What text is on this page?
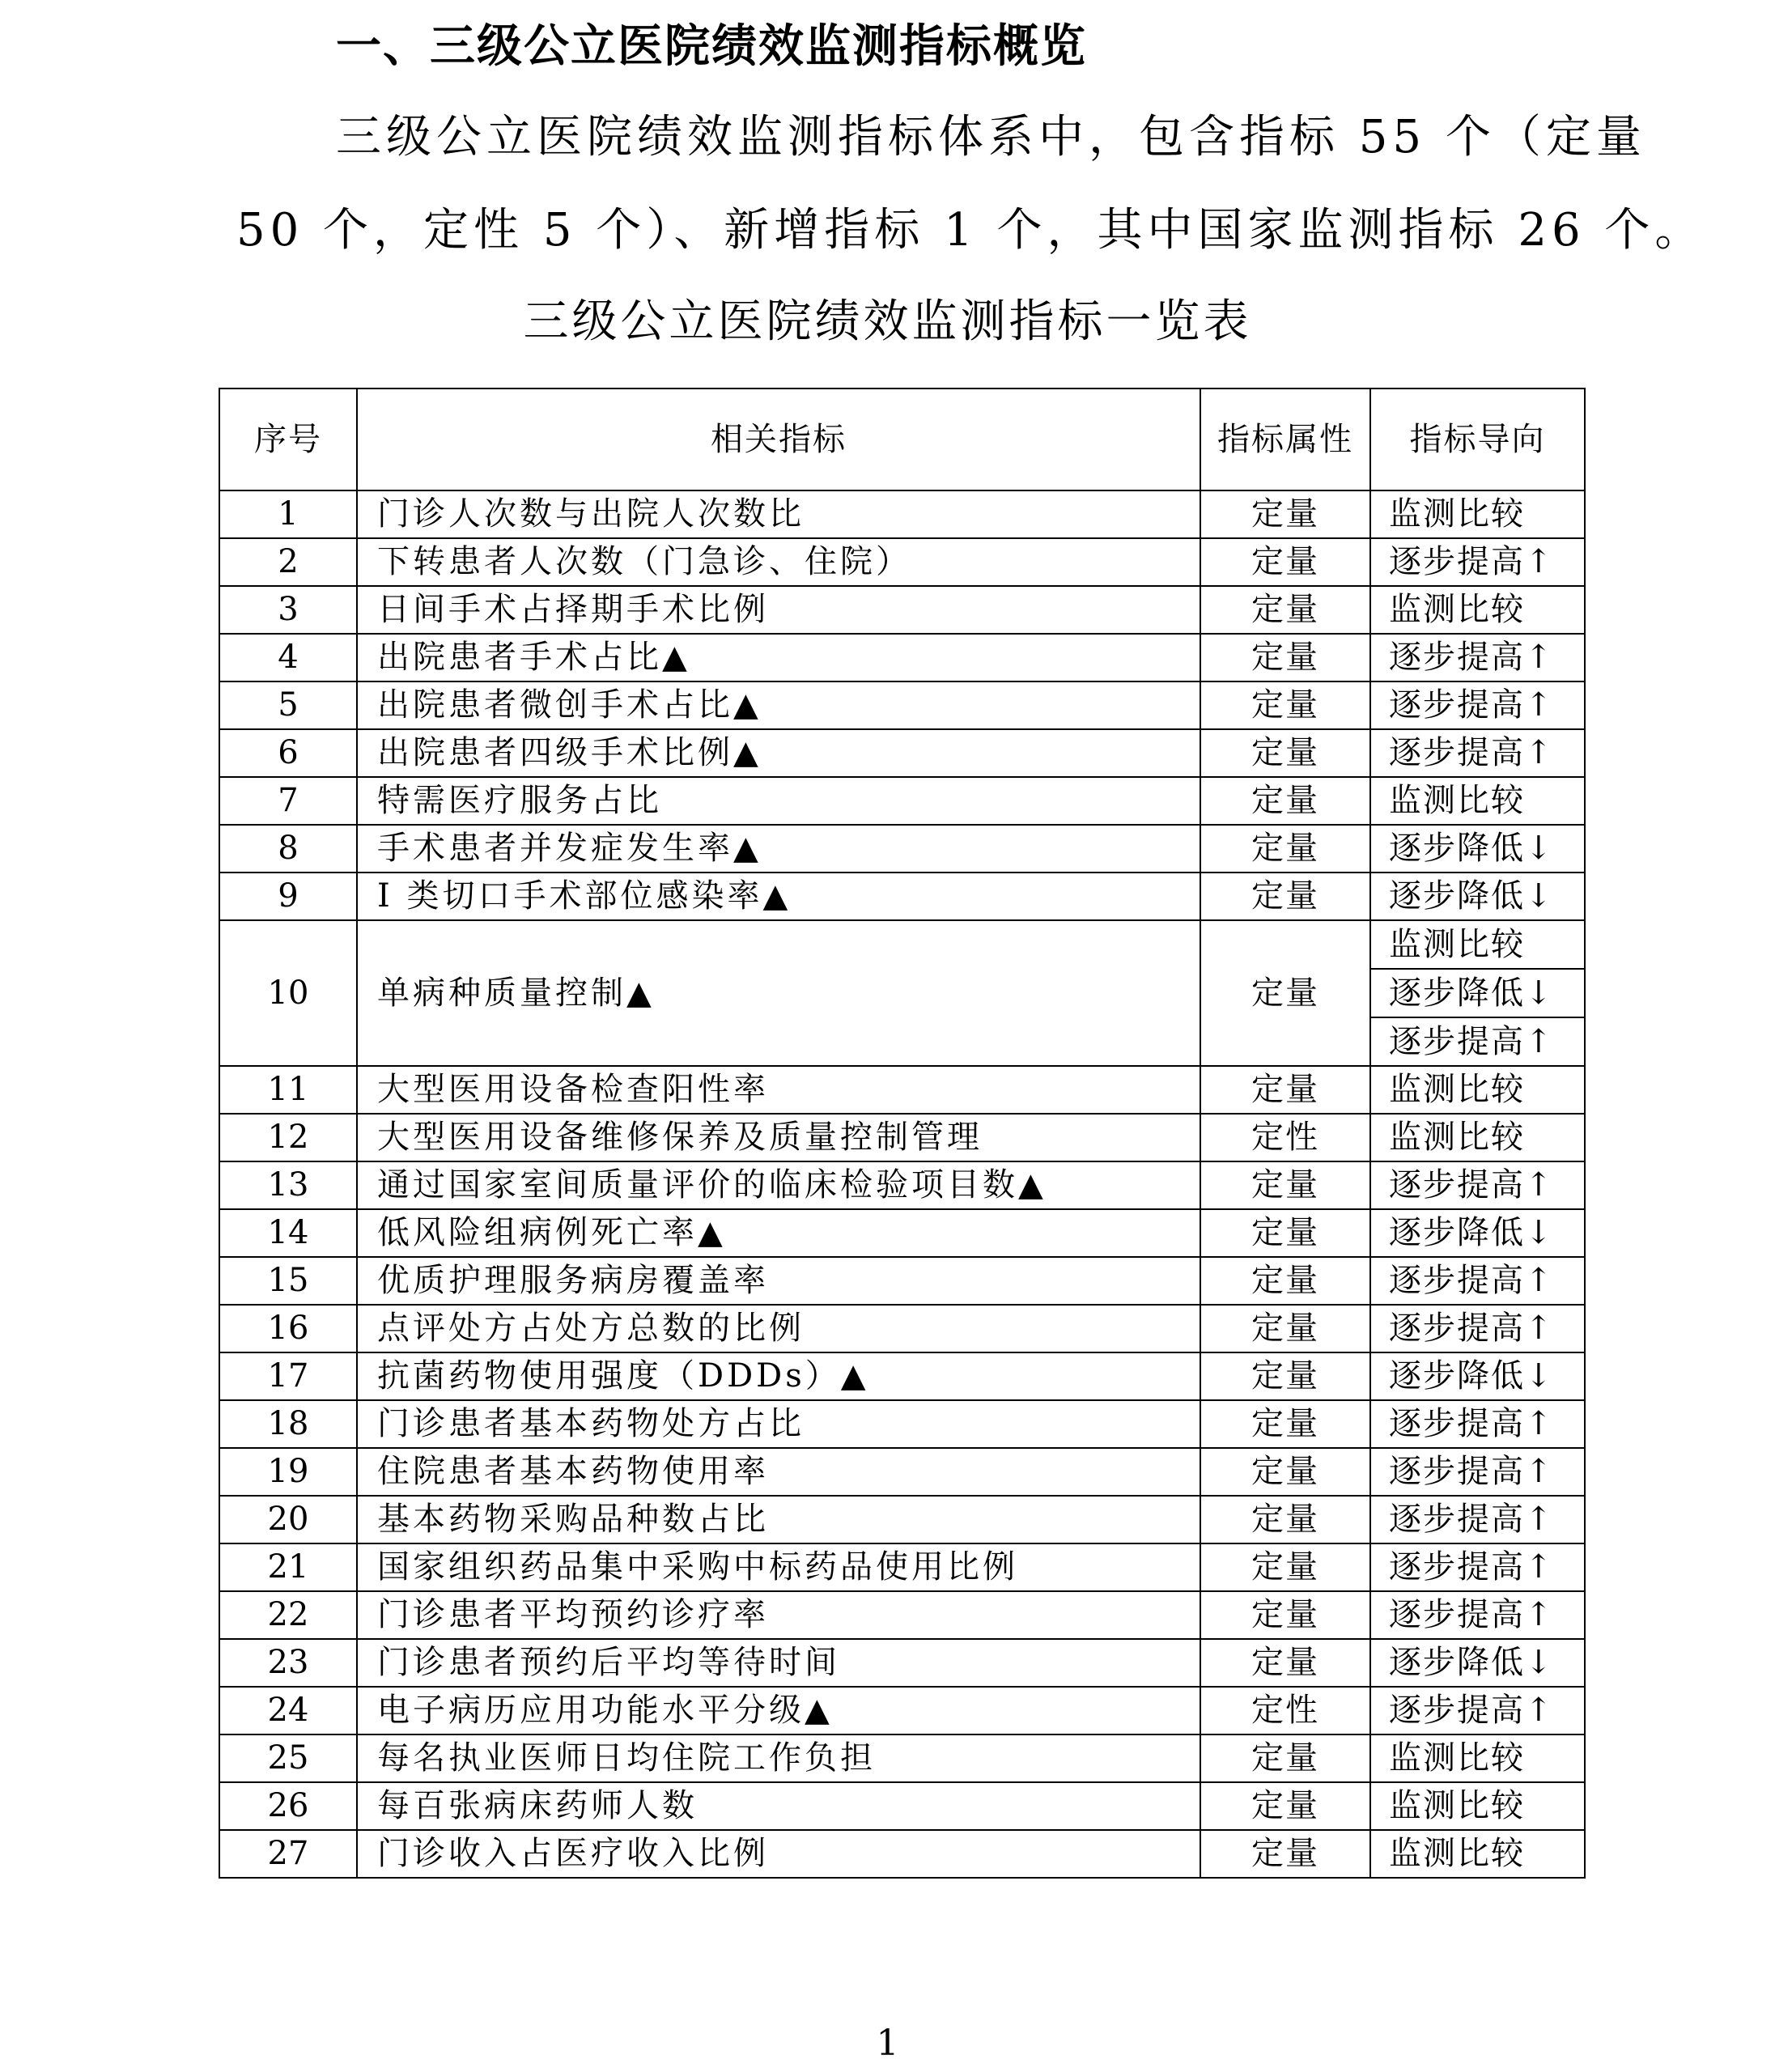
一、三级公立医院绩效监测指标概览
三级公立医院绩效监测指标体系中，包含指标 55 个（定量
50 个，定性 5 个）、新增指标 1 个，其中国家监测指标 26 个。
三级公立医院绩效监测指标一览表
序号	相关指标	指标属性	指标导向
1	门诊人次数与出院人次数比	定量	监测比较
2	下转患者人次数（门急诊、住院）	定量	逐步提高↑
3	日间手术占择期手术比例	定量	监测比较
4	出院患者手术占比▲	定量	逐步提高↑
5	出院患者微创手术占比▲	定量	逐步提高↑
6	出院患者四级手术比例▲	定量	逐步提高↑
7	特需医疗服务占比	定量	监测比较
8	手术患者并发症发生率▲	定量	逐步降低↓
9	I 类切口手术部位感染率▲	定量	逐步降低↓
10	单病种质量控制▲	定量	监测比较
逐步降低↓
逐步提高↑

11	大型医用设备检查阳性率	定量	监测比较
12	大型医用设备维修保养及质量控制管理	定性	监测比较
13	通过国家室间质量评价的临床检验项目数▲	定量	逐步提高↑
14	低风险组病例死亡率▲	定量	逐步降低↓
15	优质护理服务病房覆盖率	定量	逐步提高↑
16	点评处方占处方总数的比例	定量	逐步提高↑
17	抗菌药物使用强度（DDDs）▲	定量	逐步降低↓
18	门诊患者基本药物处方占比	定量	逐步提高↑
19	住院患者基本药物使用率	定量	逐步提高↑
20	基本药物采购品种数占比	定量	逐步提高↑
21	国家组织药品集中采购中标药品使用比例	定量	逐步提高↑
22	门诊患者平均预约诊疗率	定量	逐步提高↑
23	门诊患者预约后平均等待时间	定量	逐步降低↓
24	电子病历应用功能水平分级▲	定性	逐步提高↑
25	每名执业医师日均住院工作负担	定量	监测比较
26	每百张病床药师人数	定量	监测比较
27	门诊收入占医疗收入比例	定量	监测比较
1
